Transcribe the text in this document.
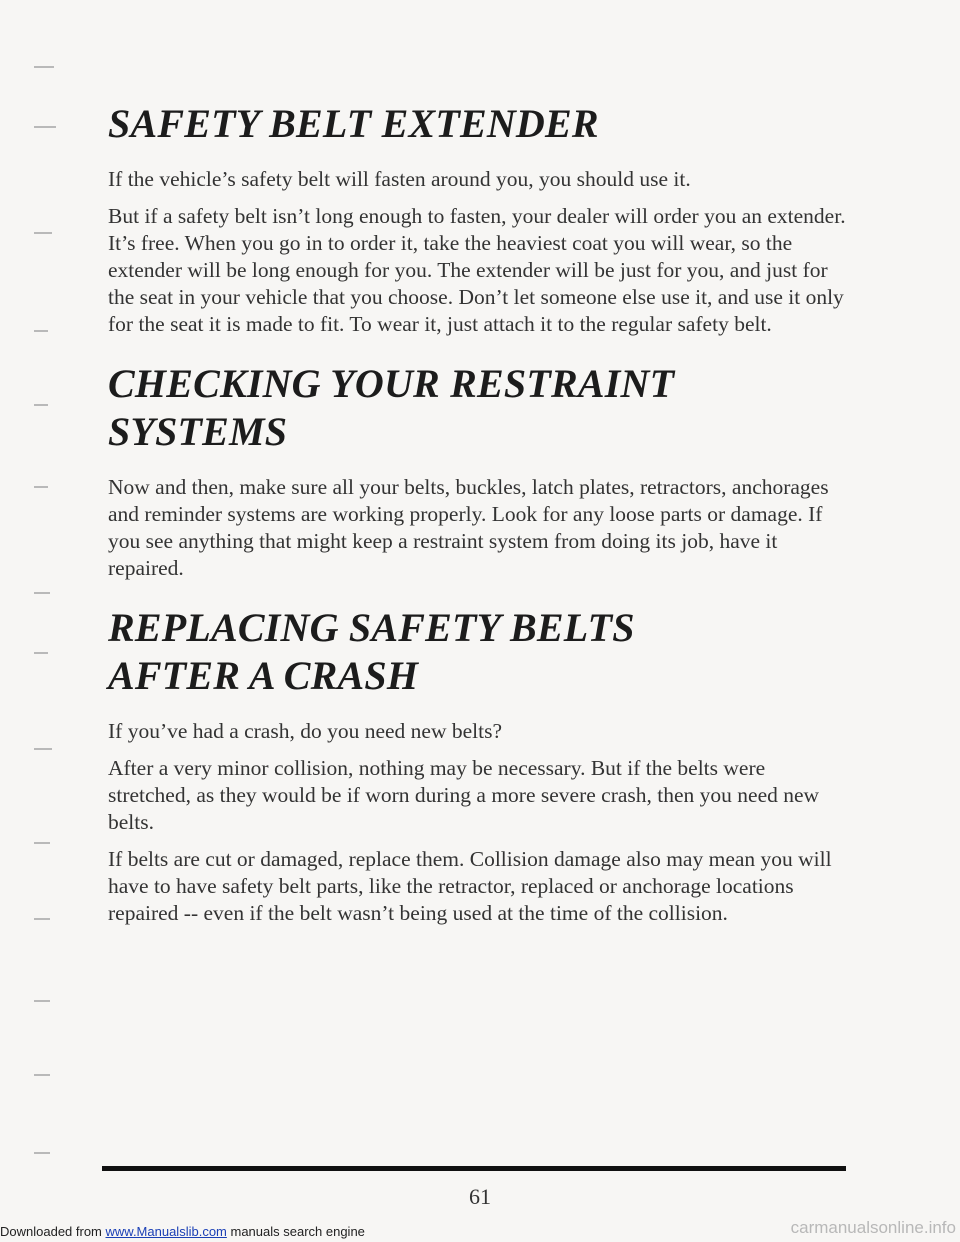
SAFETY BELT EXTENDER

If the vehicle’s safety belt will fasten around you, you should use it.

But if a safety belt isn’t long enough to fasten, your dealer will order you an extender. It’s free. When you go in to order it, take the heaviest coat you will wear, so the extender will be long enough for you. The extender will be just for you, and just for the seat in your vehicle that you choose. Don’t let someone else use it, and use it only for the seat it is made to fit. To wear it, just attach it to the regular safety belt.

CHECKING YOUR RESTRAINT SYSTEMS

Now and then, make sure all your belts, buckles, latch plates, retractors, anchorages and reminder systems are working properly. Look for any loose parts or damage. If you see anything that might keep a restraint system from doing its job, have it repaired.

REPLACING SAFETY BELTS AFTER A CRASH

If you’ve had a crash, do you need new belts?

After a very minor collision, nothing may be necessary. But if the belts were stretched, as they would be if worn during a more severe crash, then you need new belts.

If belts are cut or damaged, replace them. Collision damage also may mean you will have to have safety belt parts, like the retractor, replaced or anchorage locations repaired -- even if the belt wasn’t being used at the time of the collision.

61
Downloaded from www.Manualslib.com manuals search engine	carmanualsonline.info
